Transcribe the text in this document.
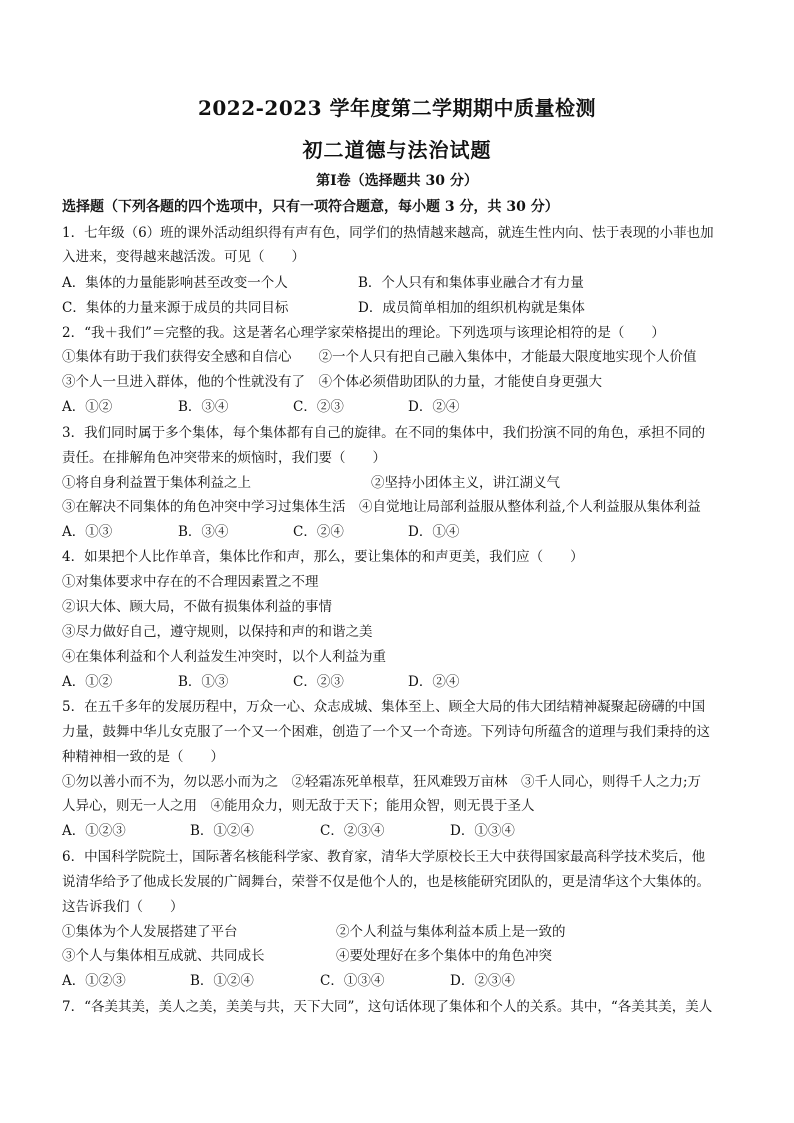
2022-2023 学年度第二学期期中质量检测
初二道德与法治试题
第Ⅰ卷（选择题共 30 分）
选择题（下列各题的四个选项中，只有一项符合题意，每小题 3 分，共 30 分）
1．七年级（6）班的课外活动组织得有声有色，同学们的热情越来越高，就连生性内向、怯于表现的小菲也加
入进来，变得越来越活泼。可见（　　）
A．集体的力量能影响甚至改变一个人	B．个人只有和集体事业融合才有力量
C．集体的力量来源于成员的共同目标	D．成员简单相加的组织机构就是集体
2．“我＋我们”＝完整的我。这是著名心理学家荣格提出的理论。下列选项与该理论相符的是（　　）
①集体有助于我们获得安全感和自信心　　②一个人只有把自己融入集体中，才能最大限度地实现个人价值
③个人一旦进入群体，他的个性就没有了　④个体必须借助团队的力量，才能使自身更强大
A．①②	B．③④	C．②③	D．②④
3．我们同时属于多个集体，每个集体都有自己的旋律。在不同的集体中，我们扮演不同的角色，承担不同的
责任。在排解角色冲突带来的烦恼时，我们要（　　）
①将自身利益置于集体利益之上	②坚持小团体主义，讲江湖义气
③在解决不同集体的角色冲突中学习过集体生活　④自觉地让局部利益服从整体利益,个人利益服从集体利益
A．①③	B．③④	C．②④	D．①④
4．如果把个人比作单音，集体比作和声，那么，要让集体的和声更美，我们应（　　）
①对集体要求中存在的不合理因素置之不理
②识大体、顾大局，不做有损集体利益的事情
③尽力做好自己，遵守规则，以保持和声的和谐之美
④在集体利益和个人利益发生冲突时，以个人利益为重
A．①②	B．①③	C．②③	D．②④
5．在五千多年的发展历程中，万众一心、众志成城、集体至上、顾全大局的伟大团结精神凝聚起磅礴的中国
力量，鼓舞中华儿女克服了一个又一个困难，创造了一个又一个奇迹。下列诗句所蕴含的道理与我们秉持的这
种精神相一致的是（　　）
①勿以善小而不为，勿以恶小而为之　②轻霜冻死单根草，狂风难毁万亩林　③千人同心，则得千人之力;万
人异心，则无一人之用　④能用众力，则无敌于天下；能用众智，则无畏于圣人
A．①②③	B．①②④	C．②③④	D．①③④
6．中国科学院院士，国际著名核能科学家、教育家，清华大学原校长王大中获得国家最高科学技术奖后，他
说清华给予了他成长发展的广阔舞台，荣誉不仅是他个人的，也是核能研究团队的，更是清华这个大集体的。
这告诉我们（　　）
①集体为个人发展搭建了平台	②个人利益与集体利益本质上是一致的
③个人与集体相互成就、共同成长	④要处理好在多个集体中的角色冲突
A．①②③	B．①②④	C．①③④	D．②③④
7．“各美其美，美人之美，美美与共，天下大同”，这句话体现了集体和个人的关系。其中，“各美其美，美人
